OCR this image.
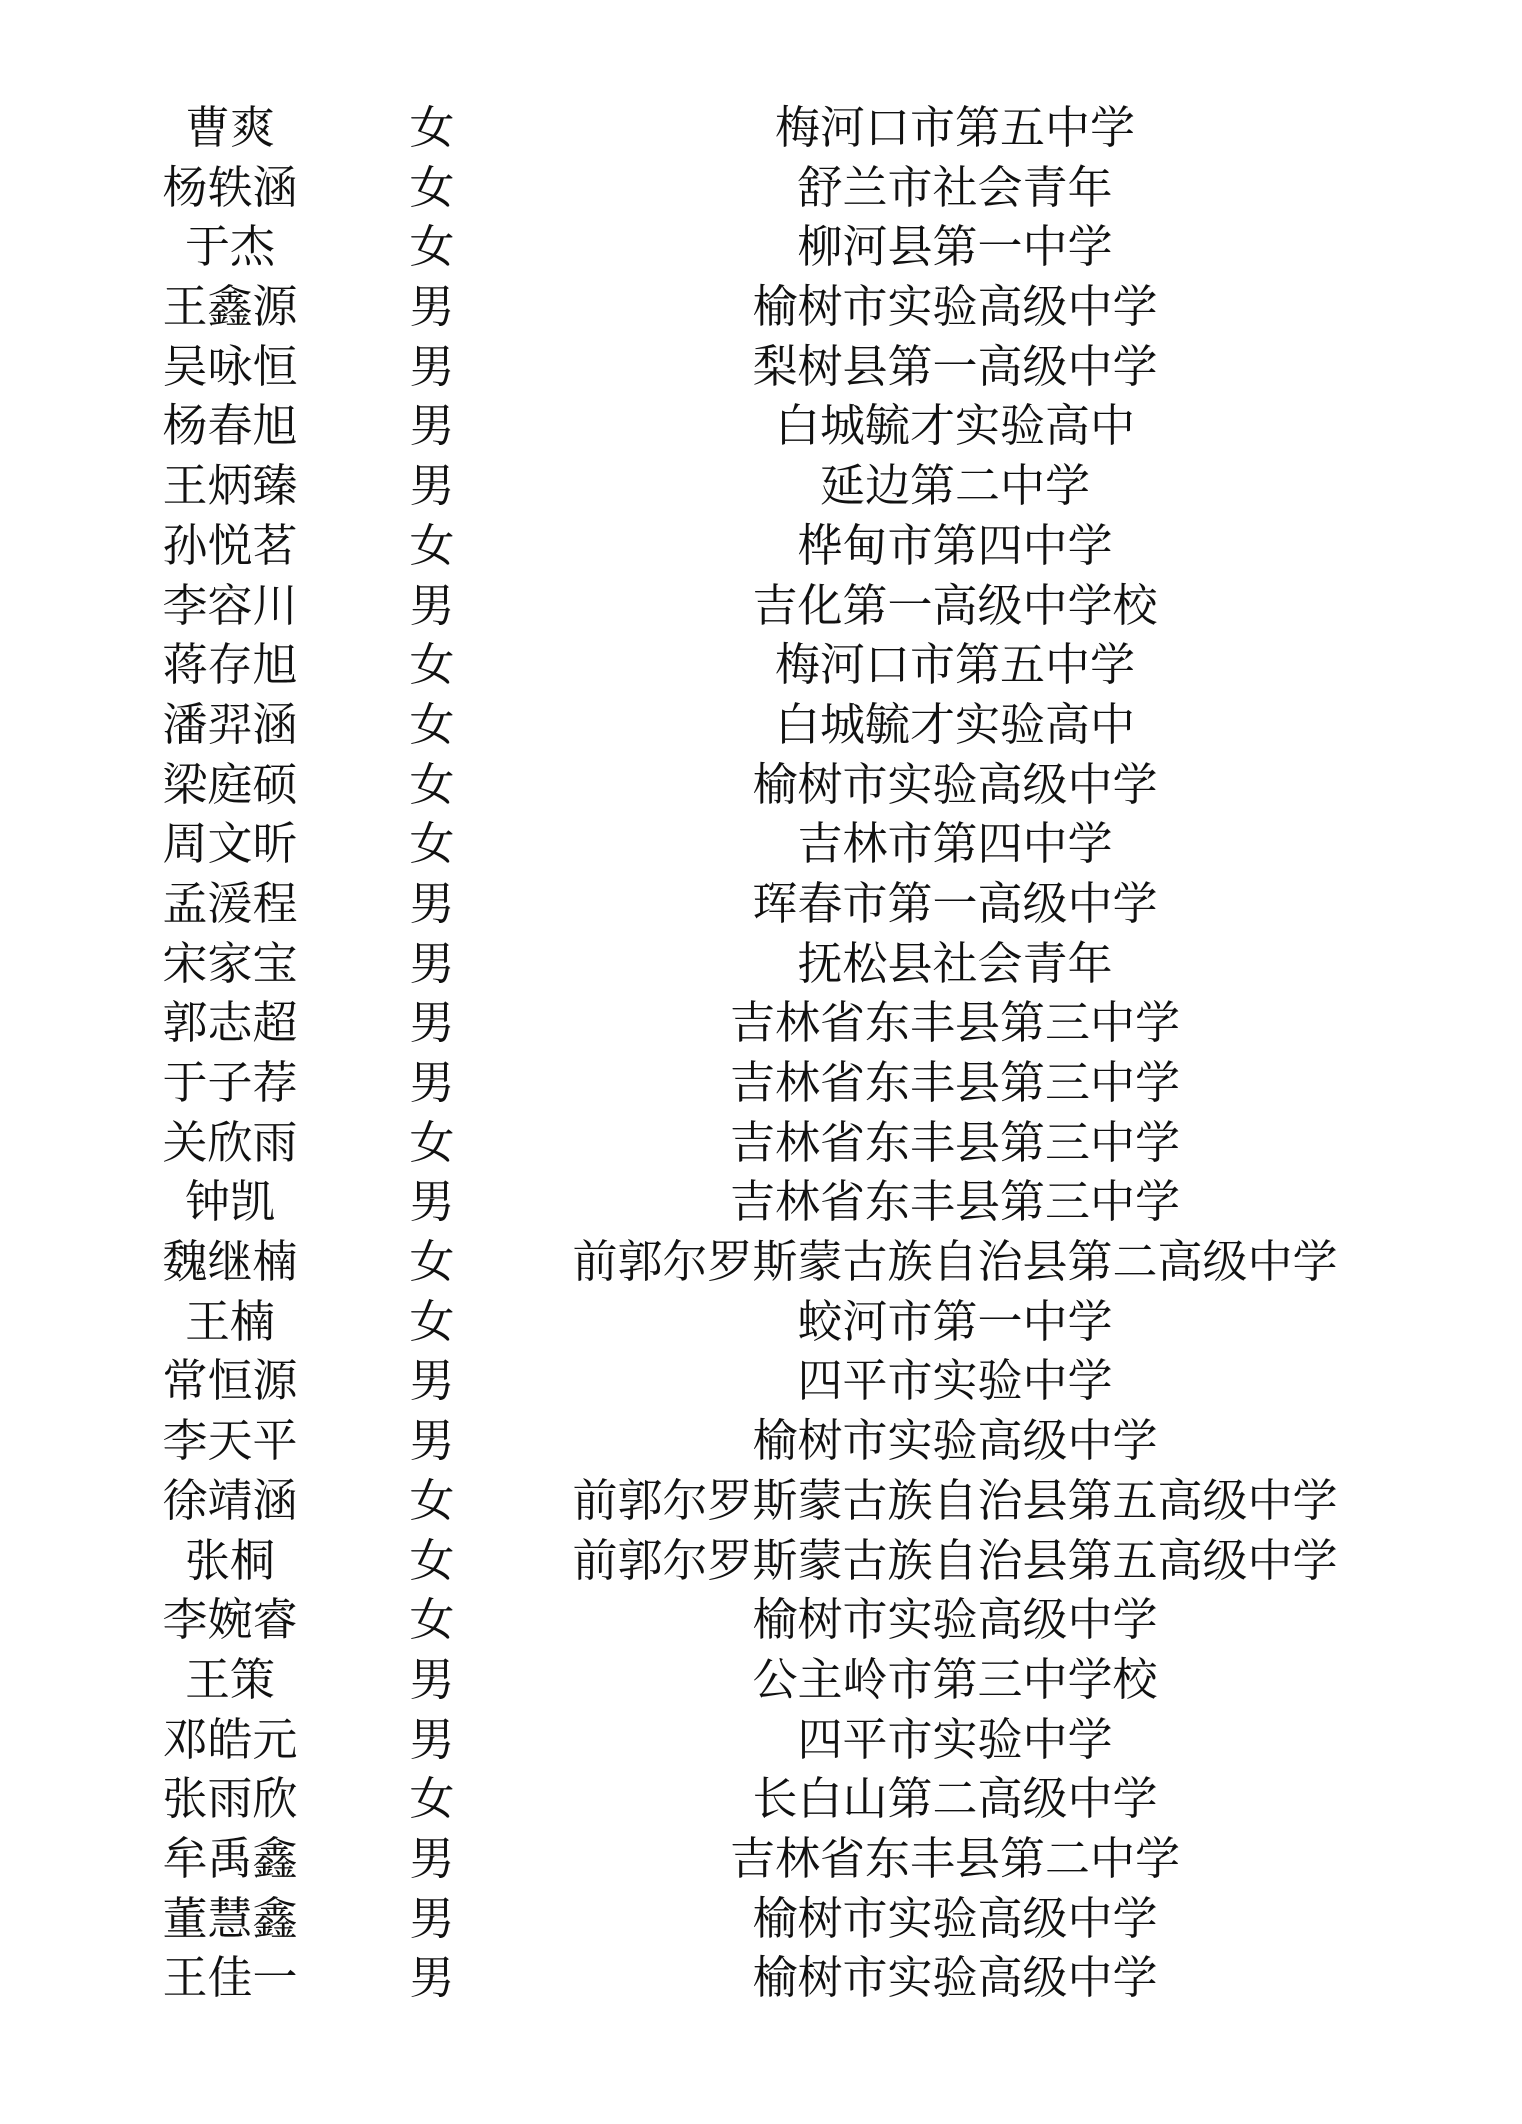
曹爽	女	梅河口市第五中学
杨轶涵 女	舒兰市社会青年
于杰	女	柳河县第一中学
王鑫源 男	榆树市实验高级中学
吴咏恒 男	梨树县第一高级中学
杨春旭 男	白城毓才实验高中
王炳臻 男	延边第二中学
孙悦茗 女	桦甸市第四中学
李容川 男	吉化第一高级中学校
蒋存旭 女	梅河口市第五中学
潘羿涵 女	白城毓才实验高中
梁庭硕 女	榆树市实验高级中学
周文昕 女	吉林市第四中学
孟湲程 男	珲春市第一高级中学
宋家宝 男	抚松县社会青年
郭志超 男	吉林省东丰县第三中学
于子荐 男	吉林省东丰县第三中学
关欣雨 女	吉林省东丰县第三中学
钟凯	男	吉林省东丰县第三中学
魏继楠 女	前郭尔罗斯蒙古族自治县第二高级中学
王楠	女	蛟河市第一中学
常恒源 男	四平市实验中学
李天平 男	榆树市实验高级中学
徐靖涵 女	前郭尔罗斯蒙古族自治县第五高级中学
张桐	女	前郭尔罗斯蒙古族自治县第五高级中学
李婉睿 女	榆树市实验高级中学
王策	男	公主岭市第三中学校
邓皓元 男	四平市实验中学
张雨欣 女	长白山第二高级中学
牟禹鑫 男	吉林省东丰县第二中学
董慧鑫 男	榆树市实验高级中学
王佳一 男	榆树市实验高级中学
